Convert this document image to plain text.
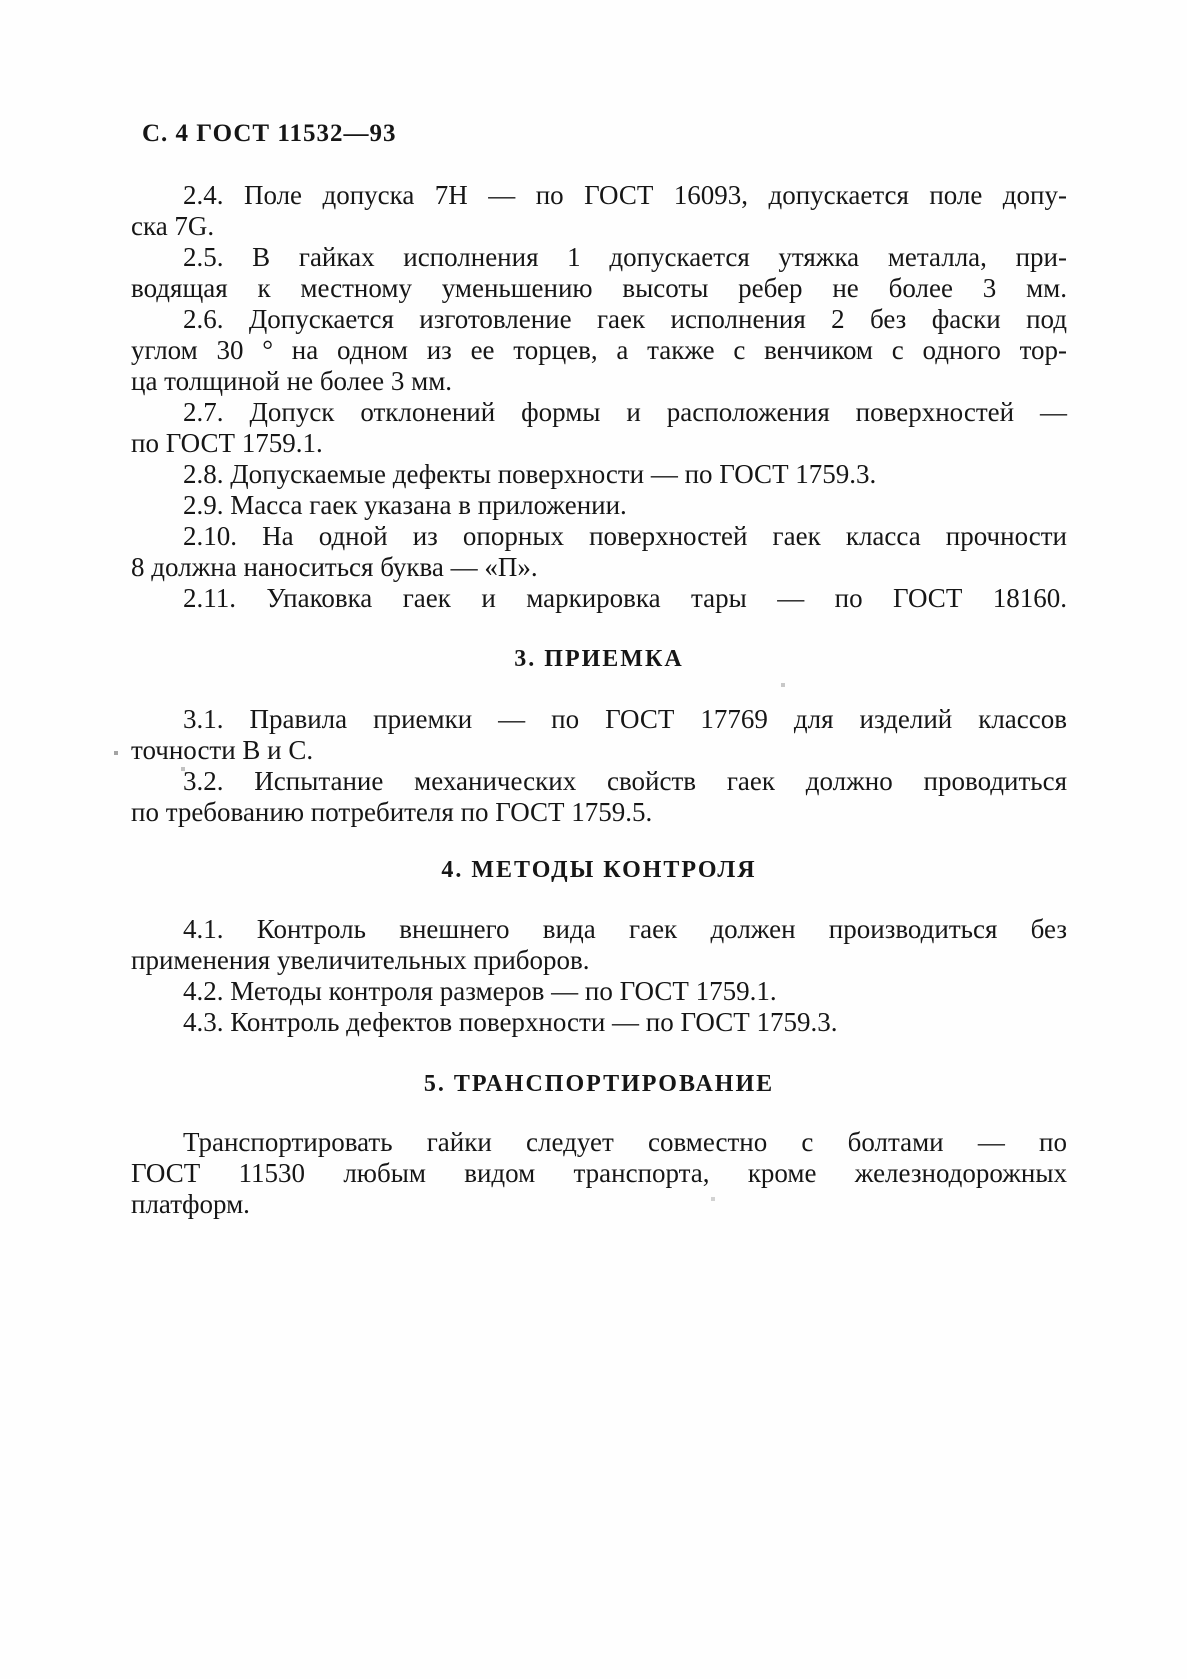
С. 4 ГОСТ 11532—93
2.4. Поле допуска 7Н — по ГОСТ 16093, допускается поле допу-
ска 7G.
2.5. В гайках исполнения 1 допускается утяжка металла, при-
водящая к местному уменьшению высоты ребер не более 3 мм.
2.6. Допускается изготовление гаек исполнения 2 без фаски под
углом 30 ° на одном из ее торцев, а также с венчиком с одного тор-
ца толщиной не более 3 мм.
2.7. Допуск отклонений формы и расположения поверхностей —
по ГОСТ 1759.1.
2.8. Допускаемые дефекты поверхности — по ГОСТ 1759.3.
2.9. Масса гаек указана в приложении.
2.10. На одной из опорных поверхностей гаек класса прочности
8 должна наноситься буква — «П».
2.11. Упаковка гаек и маркировка тары — по ГОСТ 18160.
3. ПРИЕМКА
3.1. Правила приемки — по ГОСТ 17769 для изделий классов
точности В и С.
3.2. Испытание механических свойств гаек должно проводиться
по требованию потребителя по ГОСТ 1759.5.
4. МЕТОДЫ КОНТРОЛЯ
4.1. Контроль внешнего вида гаек должен производиться без
применения увеличительных приборов.
4.2. Методы контроля размеров — по ГОСТ 1759.1.
4.3. Контроль дефектов поверхности — по ГОСТ 1759.3.
5. ТРАНСПОРТИРОВАНИЕ
Транспортировать гайки следует совместно с болтами — по
ГОСТ 11530 любым видом транспорта, кроме железнодорожных
платформ.
